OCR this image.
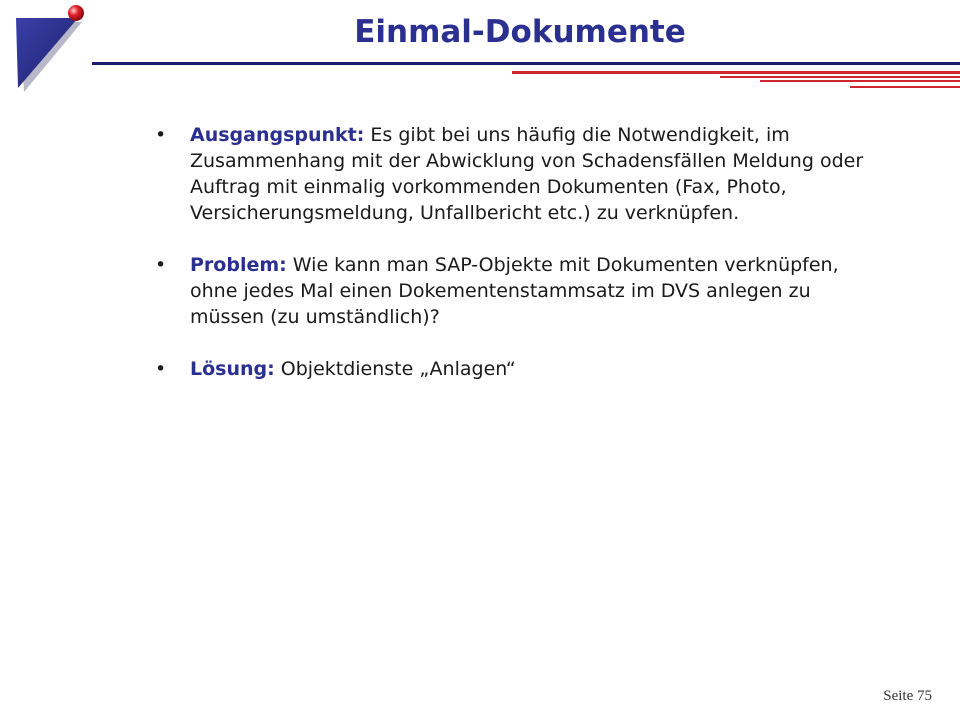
Einmal-Dokumente
•	Ausgangspunkt: Es gibt bei uns häufig die Notwendigkeit, im Zusammenhang mit der Abwicklung von Schadensfällen Meldung oder Auftrag mit einmalig vorkommenden Dokumenten (Fax, Photo, Versicherungsmeldung, Unfallbericht etc.) zu verknüpfen.
•	Problem: Wie kann man SAP-Objekte mit Dokumenten verknüpfen, ohne jedes Mal einen Dokementenstammsatz im DVS anlegen zu müssen (zu umständlich)?
•	Lösung: Objektdienste „Anlagen“
Seite 75
